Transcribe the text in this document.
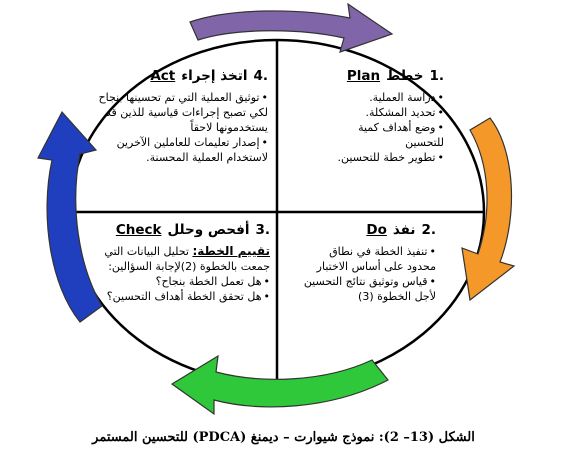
4.
اتخذ إجراء
Act
• توثيق العملية التي تم تحسينها بنجاح لكي تصبح إجراءات قياسية للذين قد يستخدمونها لاحقاً
• إصدار تعليمات للعاملين الآخرين لاستخدام العملية المحسنة.
1.
خطط
Plan
• دراسة العملية.
• تحديد المشكلة.
• وضع أهداف كمية للتحسين
• تطوير خطة للتحسين.
3.
أفحص وحلل
Check
تقييم الخطة: تحليل البيانات التي جمعت بالخطوة (2)لإجابة السؤالين:
• هل تعمل الخطة بنجاح؟
• هل تحقق الخطة أهداف التحسين؟
2.
نفذ
Do
• تنفيذ الخطة في نطاق محدود على أساس الاختبار
• قياس وتوثيق نتائج التحسين لأجل الخطوة (3)
الشكل (13– 2): نموذج شيوارت – ديمنغ (PDCA) للتحسين المستمر
